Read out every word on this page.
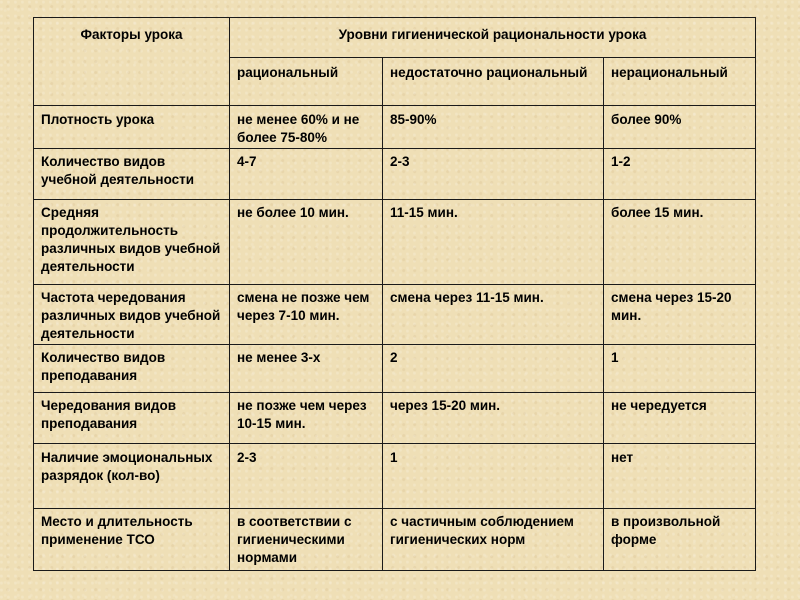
Факторы урока	Уровни гигиенической рациональности урока		
	рациональный	недостаточно рациональный	нерациональный
Плотность урока	не менее 60% и не более 75-80%	85-90%	более 90%
Количество видов учебной деятельности	4-7	2-3	1-2
Средняя продолжительность различных видов учебной деятельности	не более 10 мин.	11-15 мин.	более 15 мин.
Частота чередования различных видов учебной деятельности	смена не позже чем через 7-10 мин.	смена через 11-15 мин.	смена через 15-20 мин.
Количество видов преподавания	не менее 3-х	2	1
Чередования видов преподавания	не позже чем через 10-15 мин.	через 15-20 мин.	не чередуется
Наличие эмоциональных разрядок (кол-во)	2-3	1	нет
Место и длительность применение ТСО	в соответствии с гигиеническими нормами	с частичным соблюдением гигиенических норм	в произвольной форме
